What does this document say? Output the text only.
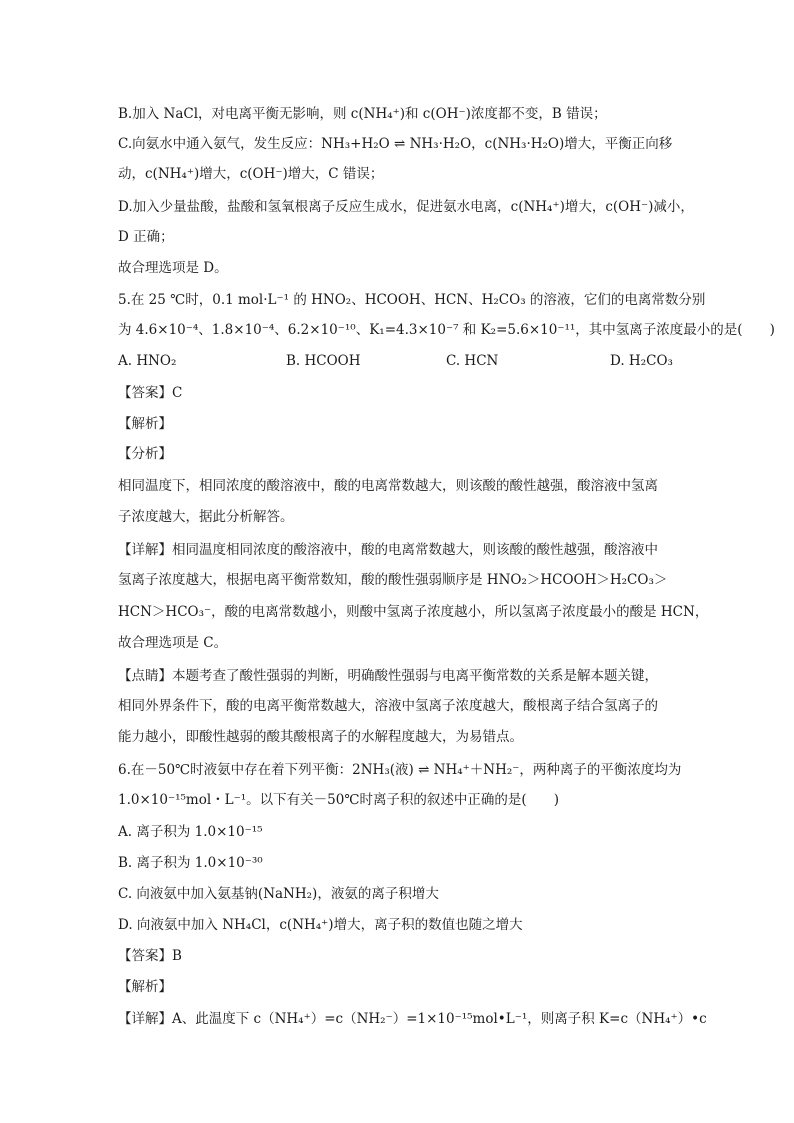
B.加入 NaCl，对电离平衡无影响，则 c(NH₄⁺)和 c(OH⁻)浓度都不变，B 错误；
C.向氨水中通入氨气，发生反应：NH₃+H₂O ⇌ NH₃·H₂O，c(NH₃·H₂O)增大，平衡正向移
动，c(NH₄⁺)增大，c(OH⁻)增大，C 错误；
D.加入少量盐酸，盐酸和氢氧根离子反应生成水，促进氨水电离，c(NH₄⁺)增大，c(OH⁻)减小，
D 正确；
故合理选项是 D。
5.在 25 ℃时，0.1 mol·L⁻¹ 的 HNO₂、HCOOH、HCN、H₂CO₃ 的溶液，它们的电离常数分别
为 4.6×10⁻⁴、1.8×10⁻⁴、6.2×10⁻¹⁰、K₁=4.3×10⁻⁷ 和 K₂=5.6×10⁻¹¹，其中氢离子浓度最小的是(　　)
A. HNO₂	B. HCOOH	C. HCN	D. H₂CO₃
【答案】C
【解析】
【分析】
相同温度下，相同浓度的酸溶液中，酸的电离常数越大，则该酸的酸性越强，酸溶液中氢离
子浓度越大，据此分析解答。
【详解】相同温度相同浓度的酸溶液中，酸的电离常数越大，则该酸的酸性越强，酸溶液中
氢离子浓度越大，根据电离平衡常数知，酸的酸性强弱顺序是 HNO₂＞HCOOH＞H₂CO₃＞
HCN＞HCO₃⁻，酸的电离常数越小，则酸中氢离子浓度越小，所以氢离子浓度最小的酸是 HCN，
故合理选项是 C。
【点睛】本题考查了酸性强弱的判断，明确酸性强弱与电离平衡常数的关系是解本题关键，
相同外界条件下，酸的电离平衡常数越大，溶液中氢离子浓度越大，酸根离子结合氢离子的
能力越小，即酸性越弱的酸其酸根离子的水解程度越大，为易错点。
6.在－50℃时液氨中存在着下列平衡：2NH₃(液) ⇌ NH₄⁺＋NH₂⁻，两种离子的平衡浓度均为
1.0×10⁻¹⁵mol・L⁻¹。以下有关－50℃时离子积的叙述中正确的是(　　)
A. 离子积为 1.0×10⁻¹⁵
B. 离子积为 1.0×10⁻³⁰
C. 向液氨中加入氨基钠(NaNH₂)，液氨的离子积增大
D. 向液氨中加入 NH₄Cl，c(NH₄⁺)增大，离子积的数值也随之增大
【答案】B
【解析】
【详解】A、此温度下 c（NH₄⁺）=c（NH₂⁻）=1×10⁻¹⁵mol•L⁻¹，则离子积 K=c（NH₄⁺）•c
